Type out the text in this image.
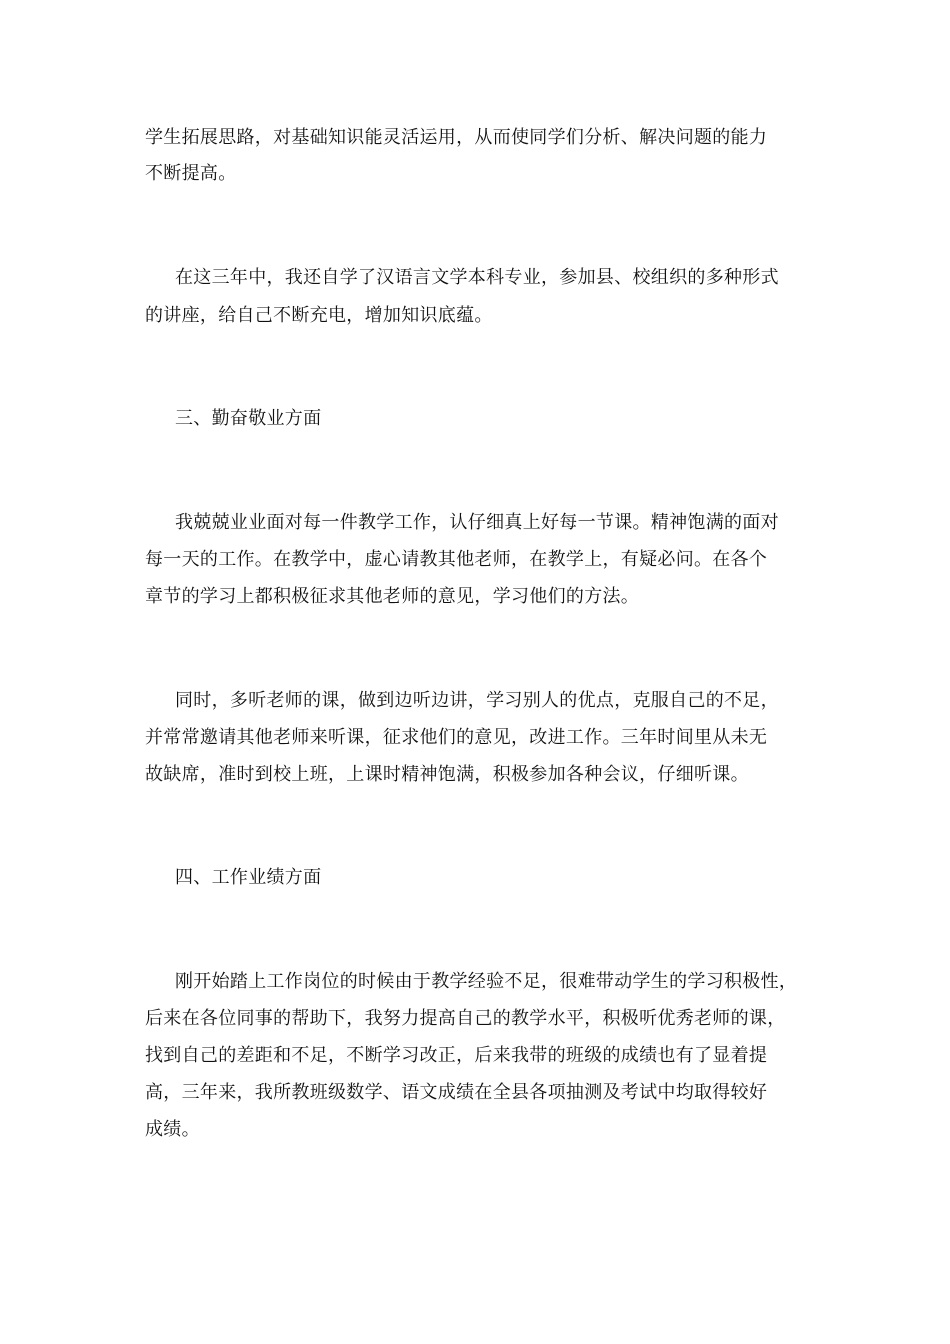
学生拓展思路，对基础知识能灵活运用，从而使同学们分析、解决问题的能力
不断提高。
在这三年中，我还自学了汉语言文学本科专业，参加县、校组织的多种形式
的讲座，给自己不断充电，增加知识底蕴。
三、勤奋敬业方面
我兢兢业业面对每一件教学工作，认仔细真上好每一节课。精神饱满的面对
每一天的工作。在教学中，虚心请教其他老师，在教学上，有疑必问。在各个
章节的学习上都积极征求其他老师的意见，学习他们的方法。
同时，多听老师的课，做到边听边讲，学习别人的优点，克服自己的不足，
并常常邀请其他老师来听课，征求他们的意见，改进工作。三年时间里从未无
故缺席，准时到校上班，上课时精神饱满，积极参加各种会议，仔细听课。
四、工作业绩方面
刚开始踏上工作岗位的时候由于教学经验不足，很难带动学生的学习积极性，
后来在各位同事的帮助下，我努力提高自己的教学水平，积极听优秀老师的课，
找到自己的差距和不足，不断学习改正，后来我带的班级的成绩也有了显着提
高，三年来，我所教班级数学、语文成绩在全县各项抽测及考试中均取得较好
成绩。
